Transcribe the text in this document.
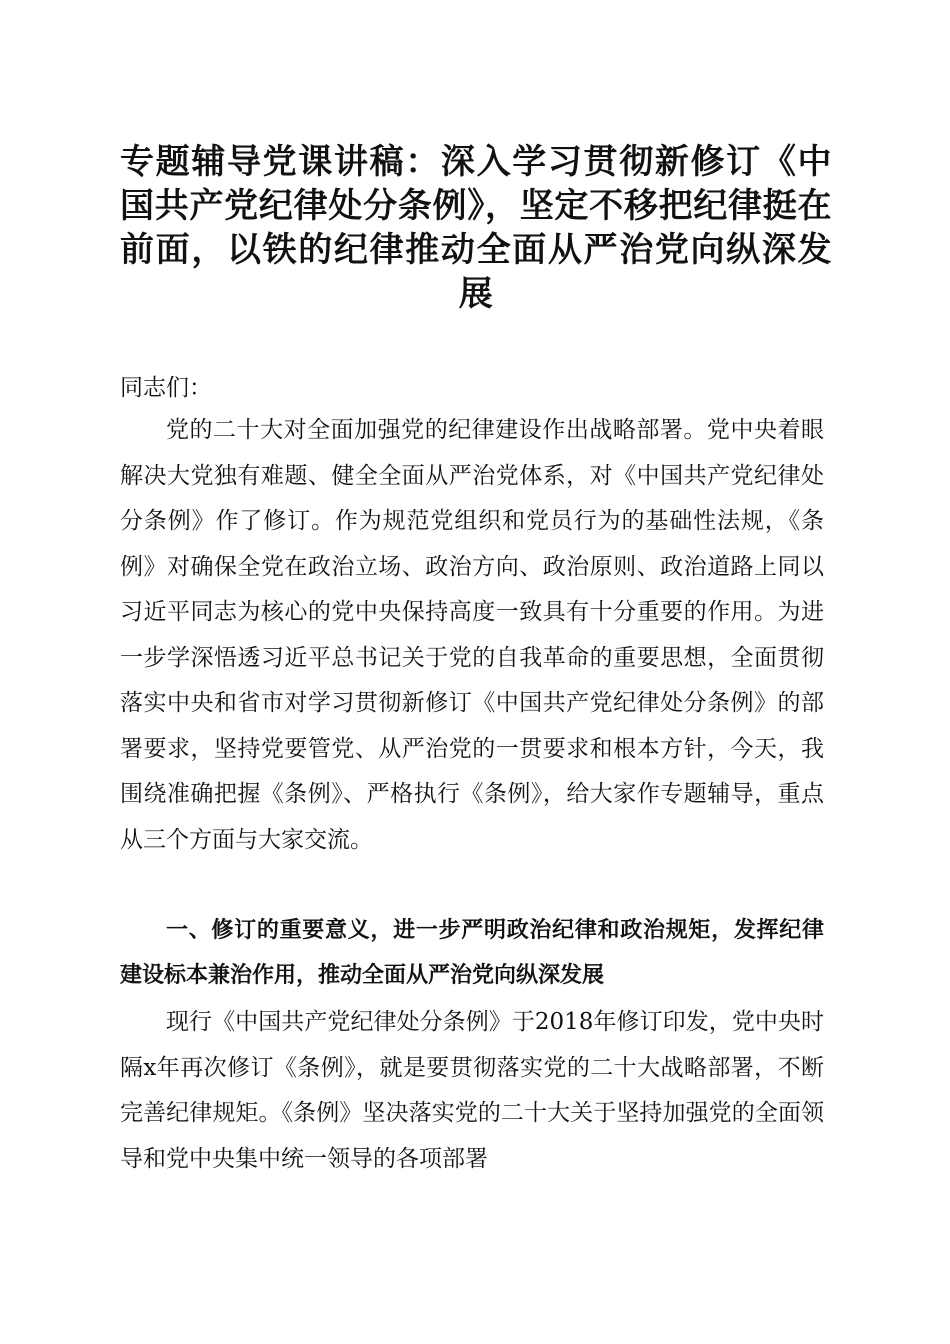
专题辅导党课讲稿：深入学习贯彻新修订《中国共产党纪律处分条例》，坚定不移把纪律挺在前面，以铁的纪律推动全面从严治党向纵深发展

同志们：

党的二十大对全面加强党的纪律建设作出战略部署。党中央着眼解决大党独有难题、健全全面从严治党体系，对《中国共产党纪律处分条例》作了修订。作为规范党组织和党员行为的基础性法规，《条例》对确保全党在政治立场、政治方向、政治原则、政治道路上同以习近平同志为核心的党中央保持高度一致具有十分重要的作用。为进一步学深悟透习近平总书记关于党的自我革命的重要思想，全面贯彻落实中央和省市对学习贯彻新修订《中国共产党纪律处分条例》的部署要求，坚持党要管党、从严治党的一贯要求和根本方针，今天，我围绕准确把握《条例》、严格执行《条例》，给大家作专题辅导，重点从三个方面与大家交流。

一、修订的重要意义，进一步严明政治纪律和政治规矩，发挥纪律建设标本兼治作用，推动全面从严治党向纵深发展

现行《中国共产党纪律处分条例》于2018年修订印发，党中央时隔x年再次修订《条例》，就是要贯彻落实党的二十大战略部署，不断完善纪律规矩。《条例》坚决落实党的二十大关于坚持加强党的全面领导和党中央集中统一领导的各项部署
